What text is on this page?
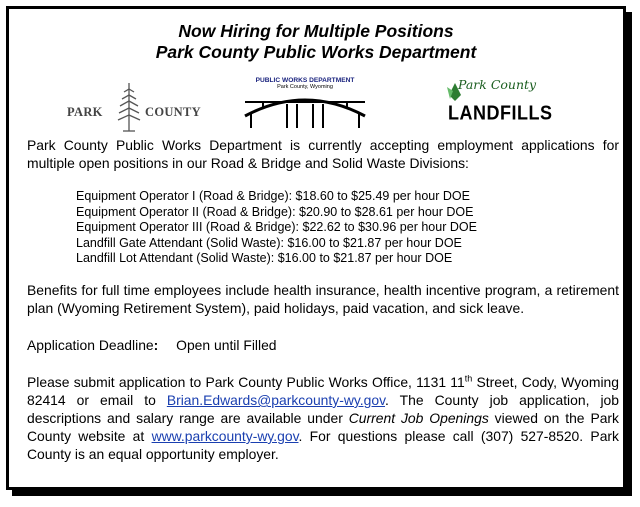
Now Hiring for Multiple Positions
Park County Public Works Department
PARK	COUNTY
PUBLIC WORKS DEPARTMENT
Park County, Wyoming	Park County
LANDFILLS
Park County Public Works Department is currently accepting employment applications for multiple open positions in our Road & Bridge and Solid Waste Divisions:
Equipment Operator I (Road & Bridge): $18.60 to $25.49 per hour DOE
Equipment Operator II (Road & Bridge): $20.90 to $28.61 per hour DOE
Equipment Operator III (Road & Bridge): $22.62 to $30.96 per hour DOE
Landfill Gate Attendant (Solid Waste): $16.00 to $21.87 per hour DOE
Landfill Lot Attendant (Solid Waste): $16.00 to $21.87 per hour DOE
Benefits for full time employees include health insurance, health incentive program, a retirement plan (Wyoming Retirement System), paid holidays, paid vacation, and sick leave.
Application Deadline: Open until Filled
Please submit application to Park County Public Works Office, 1131 11th Street, Cody, Wyoming 82414 or email to Brian.Edwards@parkcounty-wy.gov. The County job application, job descriptions and salary range are available under Current Job Openings viewed on the Park County website at www.parkcounty-wy.gov. For questions please call (307) 527-8520. Park County is an equal opportunity employer.
